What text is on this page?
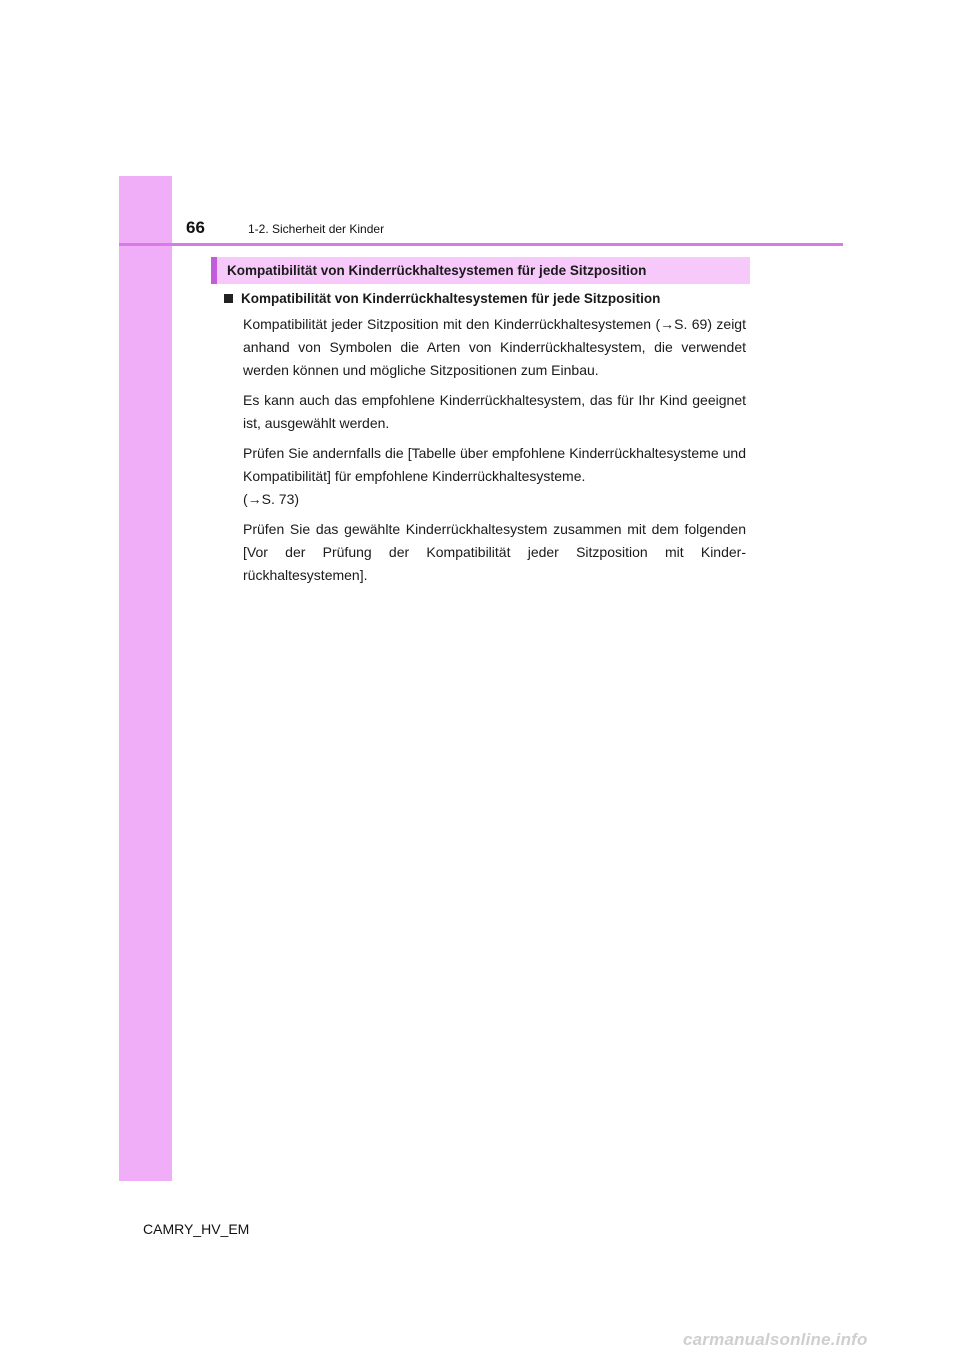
66	1-2. Sicherheit der Kinder
Kompatibilität von Kinderrückhaltesystemen für jede Sitzposition
Kompatibilität von Kinderrückhaltesystemen für jede Sitzposition

Kompatibilität jeder Sitzposition mit den Kinderrückhaltesystemen (→S. 69) zeigt anhand von Symbolen die Arten von Kinderrückhaltesystem, die verwendet werden können und mögliche Sitzpositionen zum Einbau.

Es kann auch das empfohlene Kinderrückhaltesystem, das für Ihr Kind geeignet ist, ausgewählt werden.

Prüfen Sie andernfalls die [Tabelle über empfohlene Kinderrückhaltesysteme und Kompatibilität] für empfohlene Kinderrückhaltesysteme.

(→S. 73)

Prüfen Sie das gewählte Kinderrückhaltesystem zusammen mit dem folgenden [Vor der Prüfung der Kompatibilität jeder Sitzposition mit Kinderrückhaltesystemen].

CAMRY_HV_EM
carmanualsonline.info
